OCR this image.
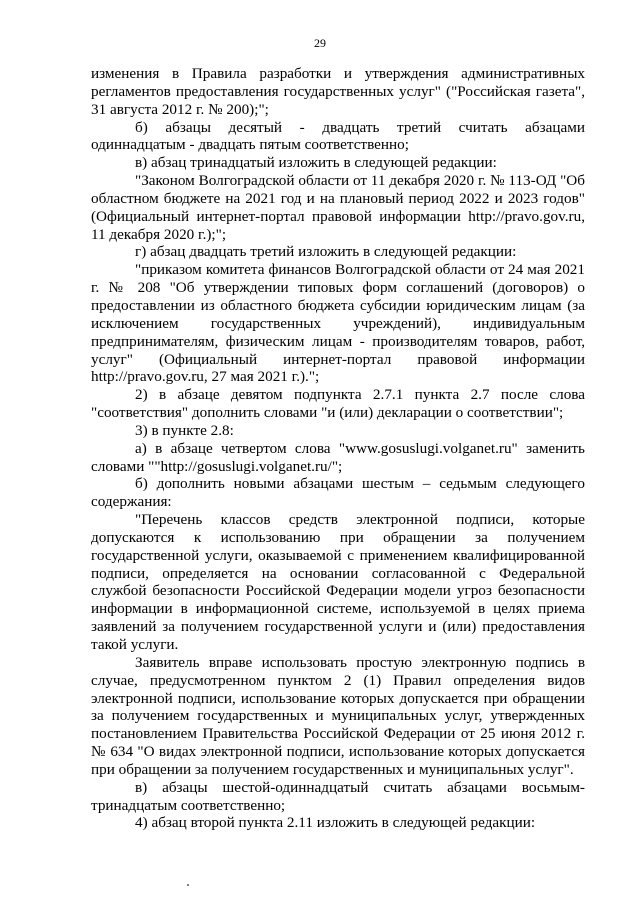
29

изменения в Правила разработки и утверждения административных регламентов предоставления государственных услуг" ("Российская газета", 31 августа 2012 г. № 200);";

б) абзацы десятый - двадцать третий считать абзацами одиннадцатым - двадцать пятым соответственно;

в) абзац тринадцатый изложить в следующей редакции:

"Законом Волгоградской области от 11 декабря 2020 г. № 113-ОД "Об областном бюджете на 2021 год и на плановый период 2022 и 2023 годов" (Официальный интернет-портал правовой информации http://pravo.gov.ru, 11 декабря 2020 г.);";

г) абзац двадцать третий изложить в следующей редакции:

"приказом комитета финансов Волгоградской области от 24 мая 2021 г. № 208 "Об утверждении типовых форм соглашений (договоров) о предоставлении из областного бюджета субсидии юридическим лицам (за исключением государственных учреждений), индивидуальным предпринимателям, физическим лицам - производителям товаров, работ, услуг" (Официальный интернет-портал правовой информации http://pravo.gov.ru, 27 мая 2021 г.).";

2) в абзаце девятом подпункта 2.7.1 пункта 2.7 после слова "соответствия" дополнить словами "и (или) декларации о соответствии";

3) в пункте 2.8:

а) в абзаце четвертом слова "www.gosuslugi.volganet.ru" заменить словами ""http://gosuslugi.volganet.ru/";

б) дополнить новыми абзацами шестым – седьмым следующего содержания:

"Перечень классов средств электронной подписи, которые допускаются к использованию при обращении за получением государственной услуги, оказываемой с применением квалифицированной подписи, определяется на основании согласованной с Федеральной службой безопасности Российской Федерации модели угроз безопасности информации в информационной системе, используемой в целях приема заявлений за получением государственной услуги и (или) предоставления такой услуги.

Заявитель вправе использовать простую электронную подпись в случае, предусмотренном пунктом 2 (1) Правил определения видов электронной подписи, использование которых допускается при обращении за получением государственных и муниципальных услуг, утвержденных постановлением Правительства Российской Федерации от 25 июня 2012 г. № 634 "О видах электронной подписи, использование которых допускается при обращении за получением государственных и муниципальных услуг".

в) абзацы шестой-одиннадцатый считать абзацами восьмым-тринадцатым соответственно;

4) абзац второй пункта 2.11 изложить в следующей редакции:
